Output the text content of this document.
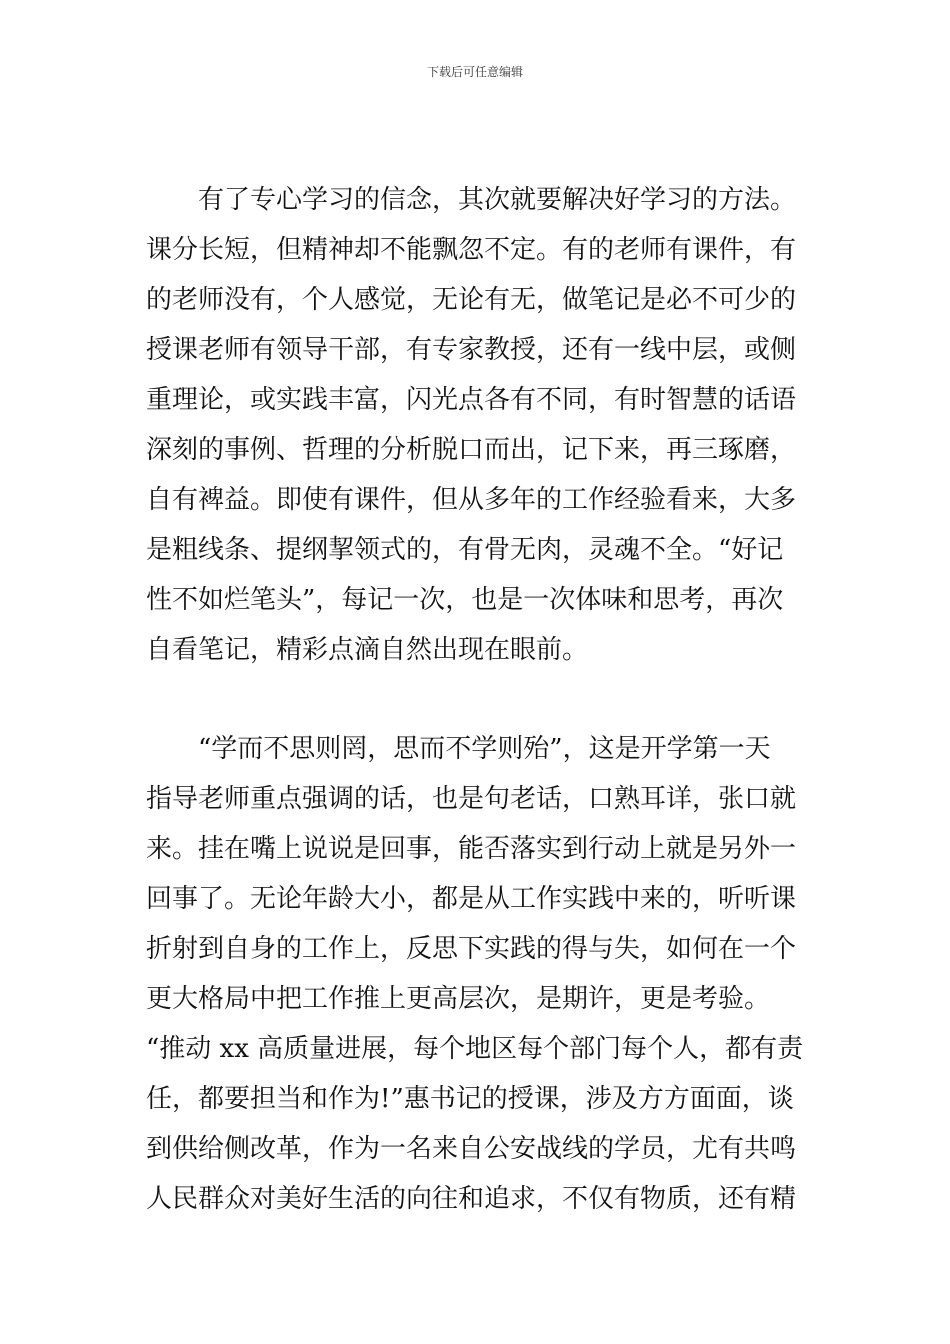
下载后可任意编辑
　　有了专心学习的信念，其次就要解决好学习的方法。
课分长短，但精神却不能飘忽不定。有的老师有课件，有
的老师没有，个人感觉，无论有无，做笔记是必不可少的
授课老师有领导干部，有专家教授，还有一线中层，或侧
重理论，或实践丰富，闪光点各有不同，有时智慧的话语
深刻的事例、哲理的分析脱口而出，记下来，再三琢磨，
自有裨益。即使有课件，但从多年的工作经验看来，大多
是粗线条、提纲挈领式的，有骨无肉，灵魂不全。“好记
性不如烂笔头”，每记一次，也是一次体味和思考，再次
自看笔记，精彩点滴自然出现在眼前。
　　“学而不思则罔，思而不学则殆”，这是开学第一天
指导老师重点强调的话，也是句老话，口熟耳详，张口就
来。挂在嘴上说说是回事，能否落实到行动上就是另外一
回事了。无论年龄大小，都是从工作实践中来的，听听课
折射到自身的工作上，反思下实践的得与失，如何在一个
更大格局中把工作推上更高层次，是期许，更是考验。
“推动 xx 高质量进展，每个地区每个部门每个人，都有责
任，都要担当和作为!”惠书记的授课，涉及方方面面，谈
到供给侧改革，作为一名来自公安战线的学员，尤有共鸣
人民群众对美好生活的向往和追求，不仅有物质，还有精
